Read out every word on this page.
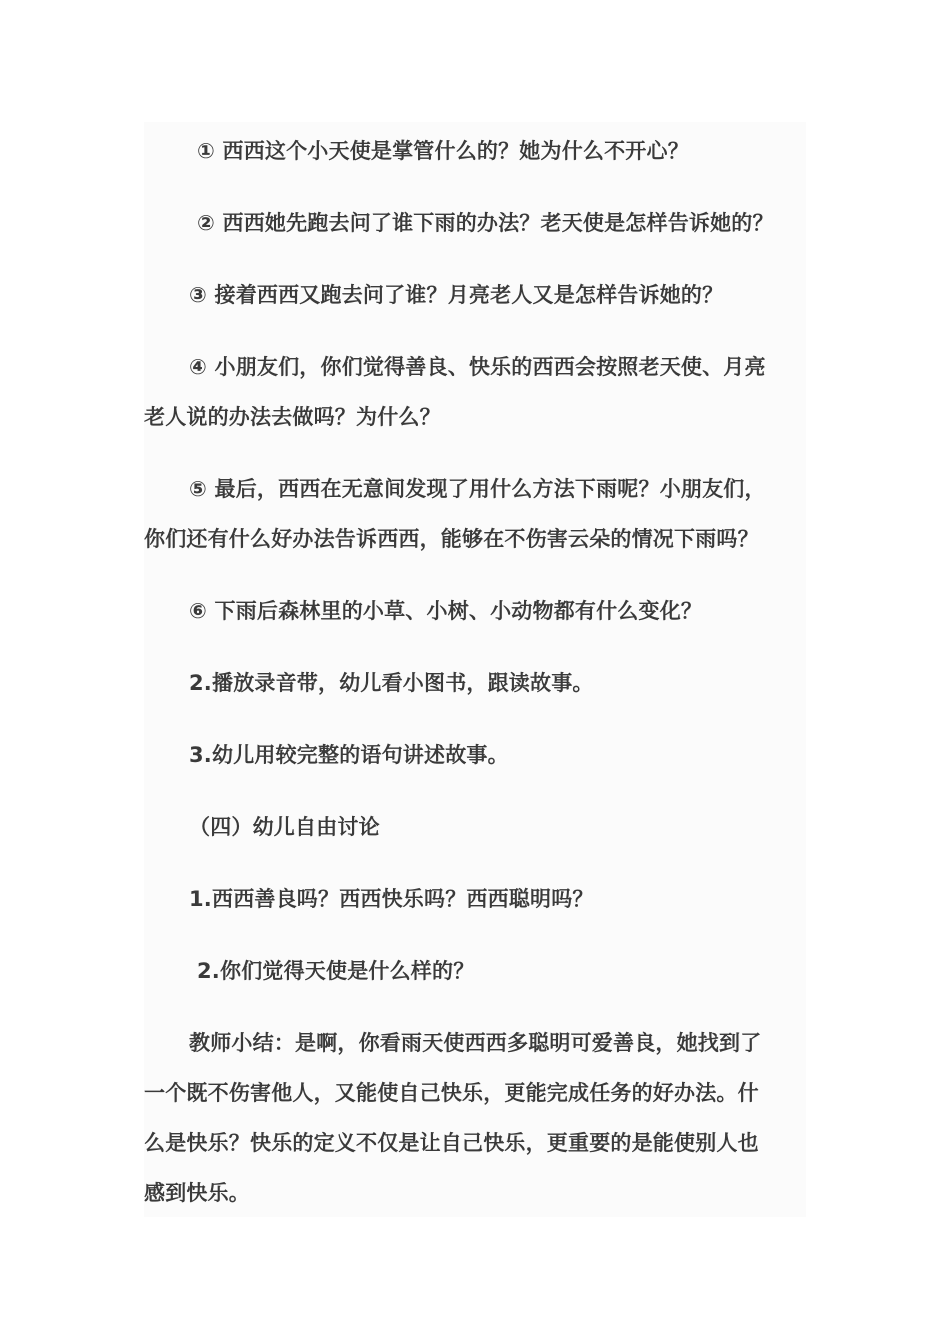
① 西西这个小天使是掌管什么的？她为什么不开心？
② 西西她先跑去问了谁下雨的办法？老天使是怎样告诉她的？
③ 接着西西又跑去问了谁？月亮老人又是怎样告诉她的？
④ 小朋友们，你们觉得善良、快乐的西西会按照老天使、月亮
老人说的办法去做吗？为什么？
⑤ 最后，西西在无意间发现了用什么方法下雨呢？小朋友们，
你们还有什么好办法告诉西西，能够在不伤害云朵的情况下雨吗？
⑥ 下雨后森林里的小草、小树、小动物都有什么变化？
2.播放录音带，幼儿看小图书，跟读故事。
3.幼儿用较完整的语句讲述故事。
（四）幼儿自由讨论
1.西西善良吗？西西快乐吗？西西聪明吗？
2.你们觉得天使是什么样的？
教师小结：是啊，你看雨天使西西多聪明可爱善良，她找到了
一个既不伤害他人，又能使自己快乐，更能完成任务的好办法。什
么是快乐？快乐的定义不仅是让自己快乐，更重要的是能使别人也
感到快乐。
